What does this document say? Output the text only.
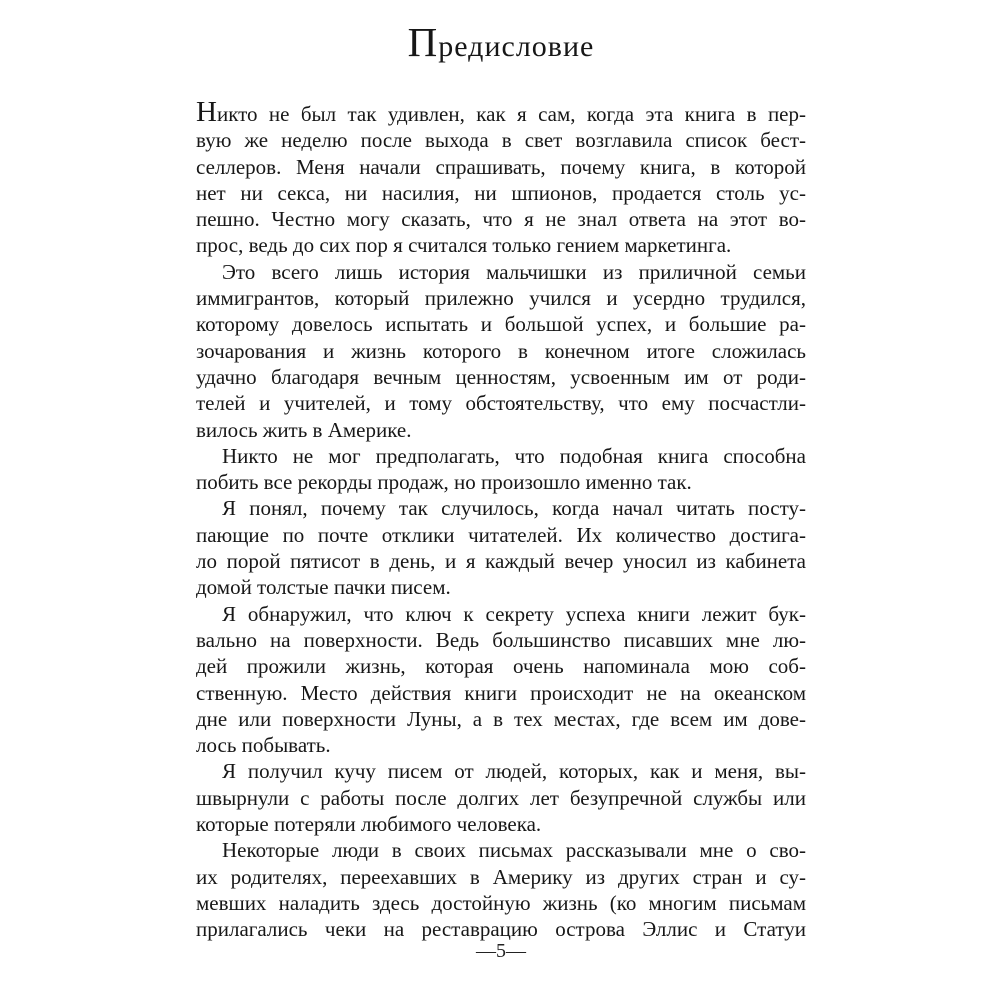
Предисловие
Никто не был так удивлен, как я сам, когда эта книга в пер-
вую же неделю после выхода в свет возглавила список бест-
селлеров. Меня начали спрашивать, почему книга, в которой
нет ни секса, ни насилия, ни шпионов, продается столь ус-
пешно. Честно могу сказать, что я не знал ответа на этот во-
прос, ведь до сих пор я считался только гением маркетинга.
Это всего лишь история мальчишки из приличной семьи
иммигрантов, который прилежно учился и усердно трудился,
которому довелось испытать и большой успех, и большие ра-
зочарования и жизнь которого в конечном итоге сложилась
удачно благодаря вечным ценностям, усвоенным им от роди-
телей и учителей, и тому обстоятельству, что ему посчастли-
вилось жить в Америке.
Никто не мог предполагать, что подобная книга способна
побить все рекорды продаж, но произошло именно так.
Я понял, почему так случилось, когда начал читать посту-
пающие по почте отклики читателей. Их количество достига-
ло порой пятисот в день, и я каждый вечер уносил из кабинета
домой толстые пачки писем.
Я обнаружил, что ключ к секрету успеха книги лежит бук-
вально на поверхности. Ведь большинство писавших мне лю-
дей прожили жизнь, которая очень напоминала мою соб-
ственную. Место действия книги происходит не на океанском
дне или поверхности Луны, а в тех местах, где всем им дове-
лось побывать.
Я получил кучу писем от людей, которых, как и меня, вы-
швырнули с работы после долгих лет безупречной службы или
которые потеряли любимого человека.
Некоторые люди в своих письмах рассказывали мне о сво-
их родителях, переехавших в Америку из других стран и су-
мевших наладить здесь достойную жизнь (ко многим письмам
прилагались чеки на реставрацию острова Эллис и Статуи
—5—
